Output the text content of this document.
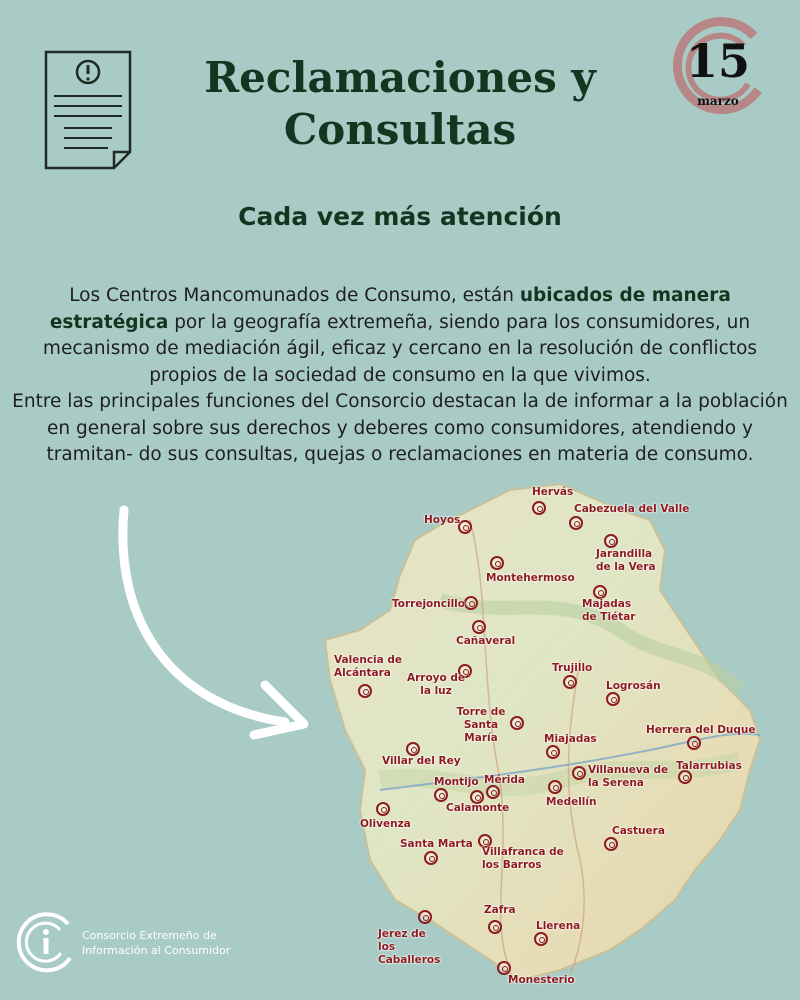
Reclamaciones y
Consultas
15
marzo
Cada vez más atención

Los Centros Mancomunados de Consumo, están ubicados de manera estratégica por la geografía extremeña, siendo para los consumidores, un mecanismo de mediación ágil, eficaz y cercano en la resolución de conflictos propios de la sociedad de consumo en la que vivimos.

Entre las principales funciones del Consorcio destacan la de informar a la población en general sobre sus derechos y deberes como consumidores, atendiendo y tramitan- do sus consultas, quejas o reclamaciones en materia de consumo.

Hervás
Cabezuela del Valle
Hoyos
Jarandilla de la Vera
Montehermoso
Torrejoncillo	Majadas de Tiétar
Cañaveral
Valencia de Alcántara	Arroyo de la luz
Trujillo
Logrosán
Torre de Santa María
Herrera del Duque
Miajadas
Villar del Rey
Villanueva de la Serena
Talarrubias
Montijo Mérida
Calamonte	Medellín
Olivenza
Castuera
Santa Marta
Villafranca de los Barros
Zafra
Jerez de los Caballeros
Llerena
Monesterio
Consorcio Extremeño de
Información al Consumidor
